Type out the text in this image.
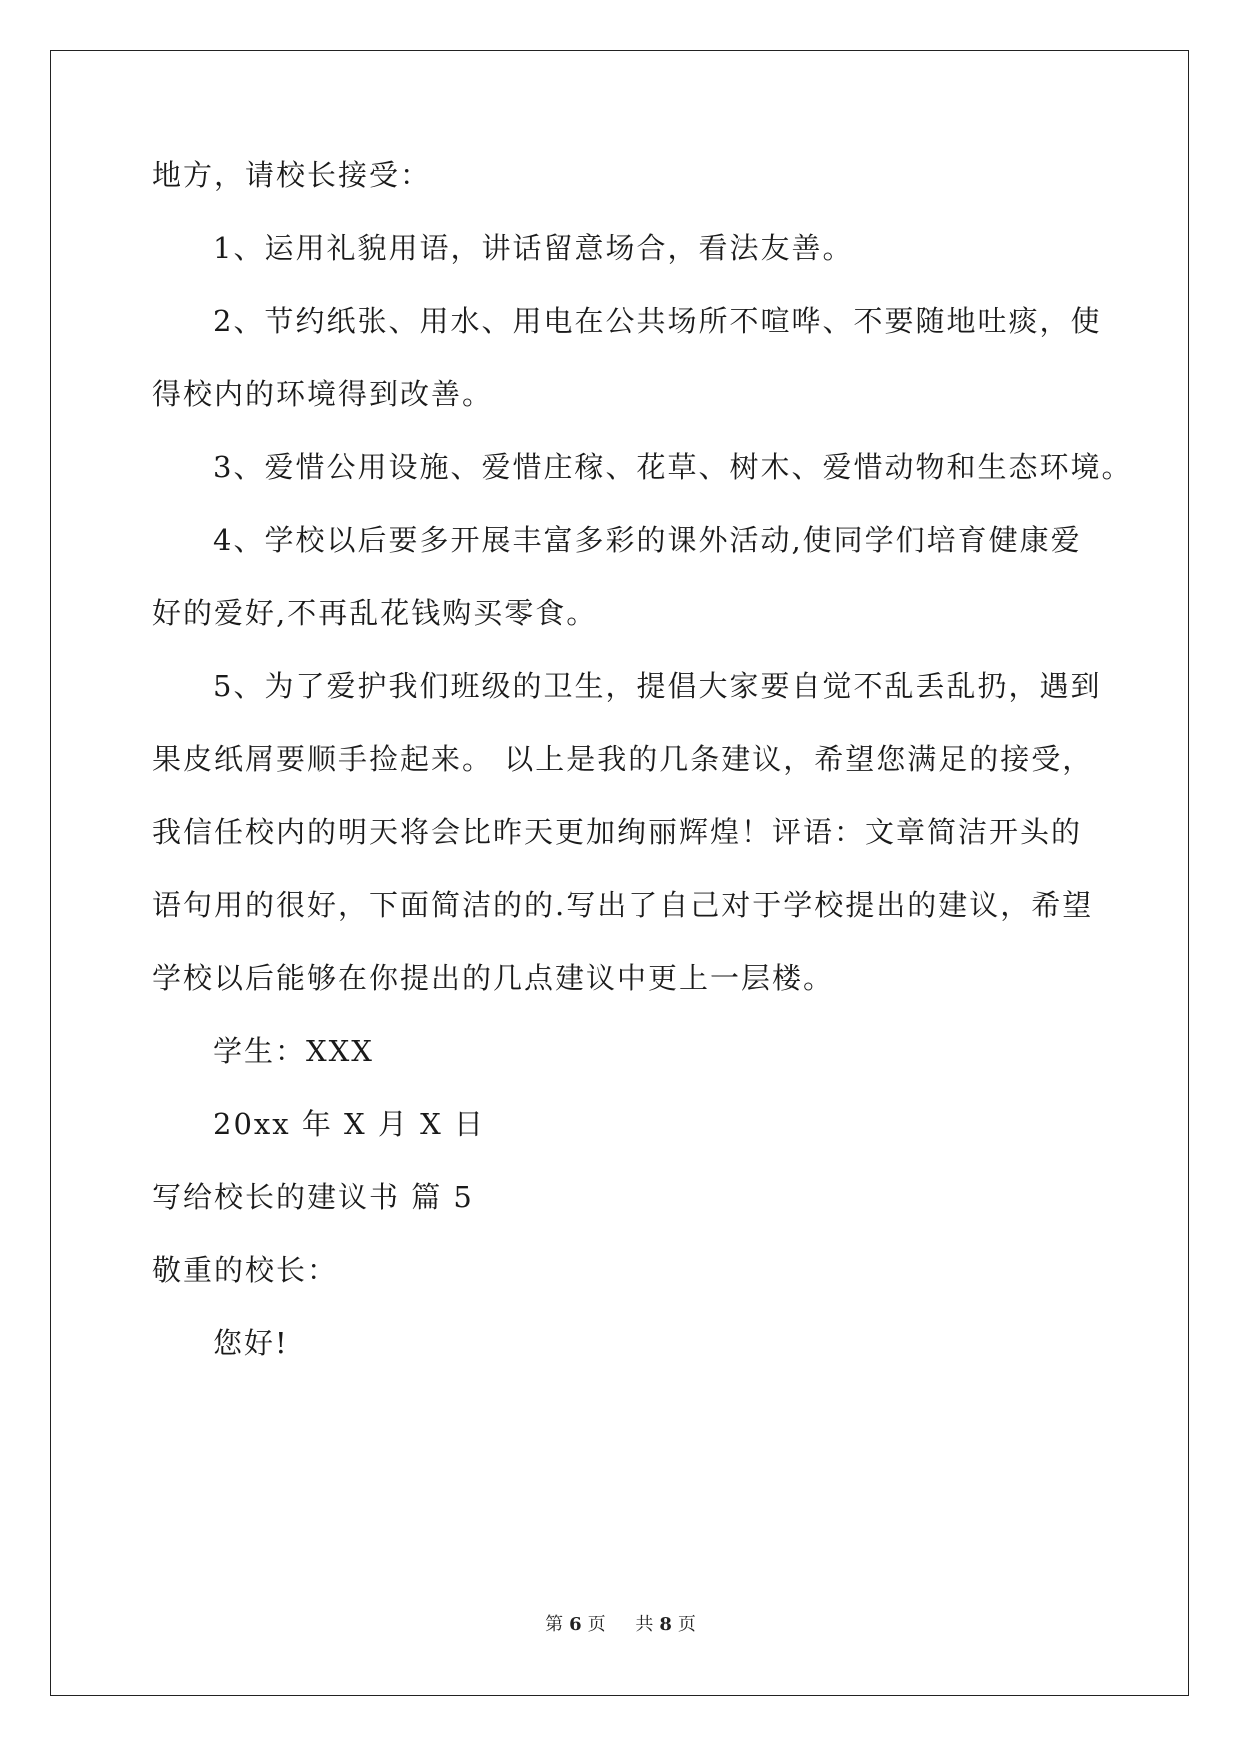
地方，请校长接受：
1、运用礼貌用语，讲话留意场合，看法友善。
2、节约纸张、用水、用电在公共场所不喧哗、不要随地吐痰，使
得校内的环境得到改善。
3、爱惜公用设施、爱惜庄稼、花草、树木、爱惜动物和生态环境。
4、学校以后要多开展丰富多彩的课外活动,使同学们培育健康爱
好的爱好,不再乱花钱购买零食。
5、为了爱护我们班级的卫生，提倡大家要自觉不乱丢乱扔，遇到
果皮纸屑要顺手捡起来。 以上是我的几条建议，希望您满足的接受，
我信任校内的明天将会比昨天更加绚丽辉煌！评语：文章简洁开头的
语句用的很好，下面简洁的的.写出了自己对于学校提出的建议，希望
学校以后能够在你提出的几点建议中更上一层楼。
学生：XXX
20xx 年 X 月 X 日
写给校长的建议书 篇 5
敬重的校长：
您好!
第 6 页 共 8 页
